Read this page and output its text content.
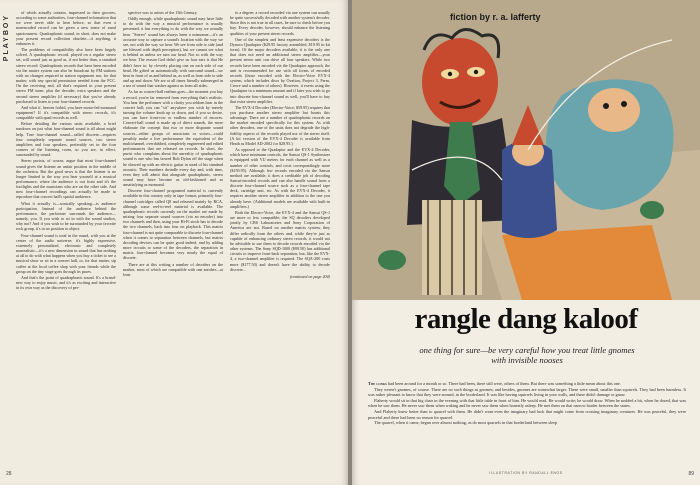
PLAYBOY

of which actually contain, impressed in their grooves, according to some authorities, four-channel information that we were never able to hear before, so that even a nonencoded record can be given a new sense of aural spaciousness. Quadraphonic sound, in short, does not make your present record collection obsolete—if anything, it enhances it.

The problems of compatibility also have been largely solved. A quadraphonic record, played on a regular stereo set, will sound just as good as, if not better than, a standard stereo record. Quadraphonic records that have been encoded via the matrix system can also be broadcast by FM stations with no changes required in station equipment nor, for that matter, with any special permission needed from the FCC. On the receiving end, all that's required in your present stereo FM tuner, plus the decoder, extra speakers and the second stereo amplifier (if necessary) that you've already purchased to listen to your four-channel records.

And what if, heaven forbid, you have mono-fed monaural equipment? If it's compatible with stereo records, it's compatible with quad records as well.

Before detailing the various units available, a brief rundown on just what four-channel sound is all about might help. True four-channel sound—called discrete—requires four completely separate sound sources, two stereo amplifiers and four speakers, preferably set in the four corners of the listening room, so you are, in effect, surrounded by sound.

Stereo purists, of course, argue that most four-channel sound gives the listener an unfair position in the middle of the orchestra. But the good news is that the listener is no longer limited to the way you hear yourself at a musical performance, where the audience is out front and it's the footlights and the musicians who are on the other side. And now four-channel recordings can actually be made to reproduce that concert hall's spatial ambience.

What it actually is—sonically speaking—is audience participation. Instead of the audience behind the performance, the performer surrounds the audience—namely, you. If you wish to sit in with the sound studios, why not? And if you wish to be surrounded by your favorite rock group, it's in no position to object.

Four-channel sound is total in the round, with you at the center of the audio universe; it's highly expressive, extremely personalized, electronic and completely nonrealistic—it's a new dimension in sound that has nothing at all to do with what happens when you buy a ticket to see a musical show or sit in a concert hall, or, for that matter, sip coffee at the local coffee shop with your friends while the group on the tiny stage goes through its paces.

And that's the point of quadraphonic sound. It's a brand-new way to enjoy music, and it's as exciting and interactive in its own way as the discovery of per-

spective was to artists of the 15th Century.

Oddly enough, while quadraphonic sound may have little to do with the way a musical performance is usually presented, it has everything to do with the way we actually hear. "Stereo" sound has always been a misnomer—it's an accurate way to capture a sound's location with the way we see, not with the way we hear. We see from side to side (and are blessed with depth perception), but we cannot see what is behind us unless we turn our head. Not so with the way we hear. The reason God didn't give us four ears is that He didn't have to; by cleverly placing one on each side of our head, He gifted us automatically with surround sound—we hear in front of us and behind us, as well as from side to side and up and down. We are at all times literally submerged in a sea of sound that washes against us from all sides.

As far as concert-hall realism goes—the moment you buy a record, you're far removed from everything that's realistic. You hear the performer with a clarity you seldom hear in the concert hall; you can "sit" anywhere you wish by merely turning the volume knob up or down, and if you so desire, you can have front-row or endless number of encores. Concert-hall sound is made up of direct sounds, the more elaborate the concept that two or more disparate sound sources—either groups of musicians or voices—could possibly make a live performance the equivalent of the multichannel, overdubbed, completely engineered and edited performances that are released on records. In short, the purist who complains about the unreality of quadraphonic sound is one who has bowed Bob Dylan off the stage when he showed up with an electric guitar in stead of his standard acoustic. Their numbers dwindle every day and, with time, even they will admit that alongside quadraphonic, stereo sound may have become as old-fashioned and as unsatisfying as monaural.

Discrete four-channel programed material is currently available in this country only in tape format, primarily four-channel cartridges called Q8 and released mainly by RCA, although some reel-to-reel material is available. The quadraphonic records currently on the market are made by mixing four separate sound sources (via an encoder) into two channels and then, using your Hi-Fi stock has to decode the two channels, back into four on playback. This matrix four-channel is not quite comparable to discrete four-channel when it comes to separation between channels, but matrix decoding devices can be quite good indeed, and by adding more circuits to some of the decoders, the separation in matrix four-channel becomes very nearly the equal of discrete.

There are at this writing a number of decoders on the market, most of which are compatible with one another—at least

to a degree; a record recorded via one system can usually be quite successfully decoded with another system's decoder. Since this is not true in all cases, be sure to check before you buy. Every decoder, however, should enhance the listening qualities of your present stereo records.

One of the simplest and least expensive decoders is the Dynaco Quadaptor ($29.95 factory assembled, $19.95 in kit form). Of the major decoders available, it is the only one that does not need an additional stereo amplifier—your present stereo unit can drive all four speakers. While two records have been encoded via the Quadaptor approach, the unit is recommended for use with all forms of encoded records (those encoded with the Electro-Voice EVX-4 system, which includes discs by Ovation, Project 3, Ferm, Crewe and a number of others). However, it exerts using the Quadaptor in a minimum amount and if later you wish to go into discrete four-channel sound as well, you'll have to buy that extra stereo amplifier.

The EVX-4 Decoder (Electro-Voice, $59.95) requires that you purchase another stereo amplifier but boasts this advantage. There are a number of quadraphonic records on the market encoded specifically for this system. As with other decoders, one of the units does not degrade the high-fidelity aspects of the records played nor of the stereo itself. (A kit version of the EVX-4 Decoder is available from Heath as Model AD-2002 for $28.95.)

As opposed to the Quadaptor and the EVX-4 Decoder, which have minimum controls, the Sansui QS-1 Synthesizer is equipped with VU meters for each channel as well as a number of other controls, and costs correspondingly more ($159.95). Although few records encoded via the Sansui method are available, it does a creditable job of decoding Sansui-encoded records and can also handle sound from a discrete four-channel source such as a four-channel tape deck, cartridge unit, etc. As with the EVX-4 Decoder, it requires another stereo amplifier in addition to the one you already have. (Additional models are available with built-in amplifiers.)

Both the Electro-Voice, the EVX-4 and the Sansui QS-1 are more or less compatible; the SQ decoders developed jointly by CBS Laboratories and Sony Corporation of America are not. Based on another matrix system, they differ radically from the others and, while they're just as capable of enhancing ordinary stereo records, it would not be advisable to use them to decode records encoded via the other systems. The Sony SQD-1000 ($99.50) has additional circuits to improve front-back separation, but, like the EVX-4, a two-channel amplifier is required. The SQA-200 costs more ($177.50) and doesn't have the ability to decode discrete...

(continued on page 204)
28
fiction by r. a. lafferty
rangle dang kaloof
one thing for sure—be very careful how you treat little gnomes with invisible nooses

The conks had been around for a month or so. There had been, there still were, others of them. But there was something a little mean about this one.

They weren't gnomes, of course. There are no such things as gnomes; and besides, gnomes are somewhat larger. These were small, smaller than squirrels. They had been harmless. It was rather pleasant to know that they were around, in the borderland. It was like having squirrels living in your walls, and these didn't damage or gnaw.

Flaherty would sit in that big chair in the evening with that little table in front of him. He would read. He would write; he would draw. When he nodded a bit, when he dozed, that was when he saw them. He never saw them when waking and he never saw them when honestly asleep. He met them on that narrow border between the states.

And Flaherty knew better than to quarrel with them. He didn't want even the imaginary bad luck that might come from crossing imaginary creatures. He was peaceful, they were peaceful and there had been no reason for quarrel.

The quarrel, when it came, began over almost nothing, as do most quarrels in that borderland between sleep

ILLUSTRATION BY RANDALL ENOS	89
